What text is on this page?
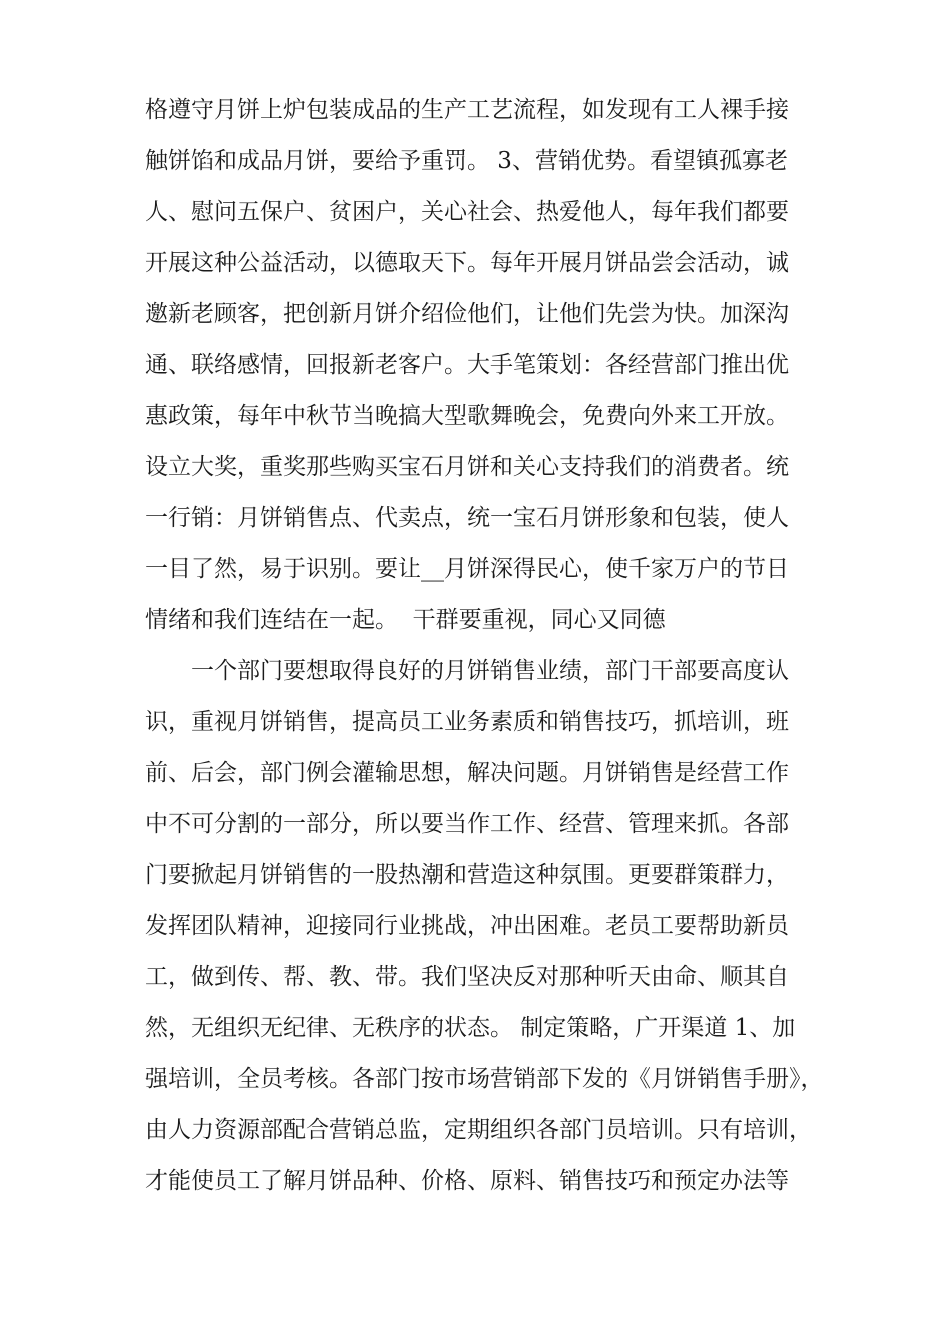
格遵守月饼上炉包装成品的生产工艺流程，如发现有工人裸手接
触饼馅和成品月饼，要给予重罚。 3、营销优势。看望镇孤寡老
人、慰问五保户、贫困户，关心社会、热爱他人，每年我们都要
开展这种公益活动，以德取天下。每年开展月饼品尝会活动，诚
邀新老顾客，把创新月饼介绍俭他们，让他们先尝为快。加深沟
通、联络感情，回报新老客户。大手笔策划：各经营部门推出优
惠政策，每年中秋节当晚搞大型歌舞晚会，免费向外来工开放。
设立大奖，重奖那些购买宝石月饼和关心支持我们的消费者。统
一行销：月饼销售点、代卖点，统一宝石月饼形象和包装，使人
一目了然，易于识别。要让__月饼深得民心，使千家万户的节日
情绪和我们连结在一起。  干群要重视，同心又同德
一个部门要想取得良好的月饼销售业绩，部门干部要高度认
识，重视月饼销售，提高员工业务素质和销售技巧，抓培训，班
前、后会，部门例会灌输思想，解决问题。月饼销售是经营工作
中不可分割的一部分，所以要当作工作、经营、管理来抓。各部
门要掀起月饼销售的一股热潮和营造这种氛围。更要群策群力，
发挥团队精神，迎接同行业挑战，冲出困难。老员工要帮助新员
工，做到传、帮、教、带。我们坚决反对那种听天由命、顺其自
然，无组织无纪律、无秩序的状态。 制定策略，广开渠道 1、加
强培训，全员考核。各部门按市场营销部下发的《月饼销售手册》，
由人力资源部配合营销总监，定期组织各部门员培训。只有培训，
才能使员工了解月饼品种、价格、原料、销售技巧和预定办法等
